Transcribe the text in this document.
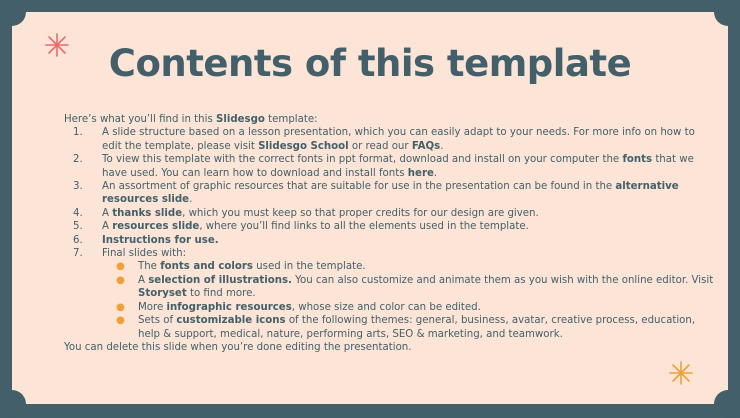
Contents of this template

Here’s what you’ll find in this Slidesgo template:

1. A slide structure based on a lesson presentation, which you can easily adapt to your needs. For more info on how to edit the template, please visit Slidesgo School or read our FAQs.
2. To view this template with the correct fonts in ppt format, download and install on your computer the fonts that we have used. You can learn how to download and install fonts here.
3. An assortment of graphic resources that are suitable for use in the presentation can be found in the alternative resources slide.
4. A thanks slide, which you must keep so that proper credits for our design are given.
5. A resources slide, where you’ll find links to all the elements used in the template.
6. Instructions for use.
7. Final slides with:
● The fonts and colors used in the template.
● A selection of illustrations. You can also customize and animate them as you wish with the online editor. Visit Storyset to find more.
● More infographic resources, whose size and color can be edited.
● Sets of customizable icons of the following themes: general, business, avatar, creative process, education, help & support, medical, nature, performing arts, SEO & marketing, and teamwork.

You can delete this slide when you’re done editing the presentation.
